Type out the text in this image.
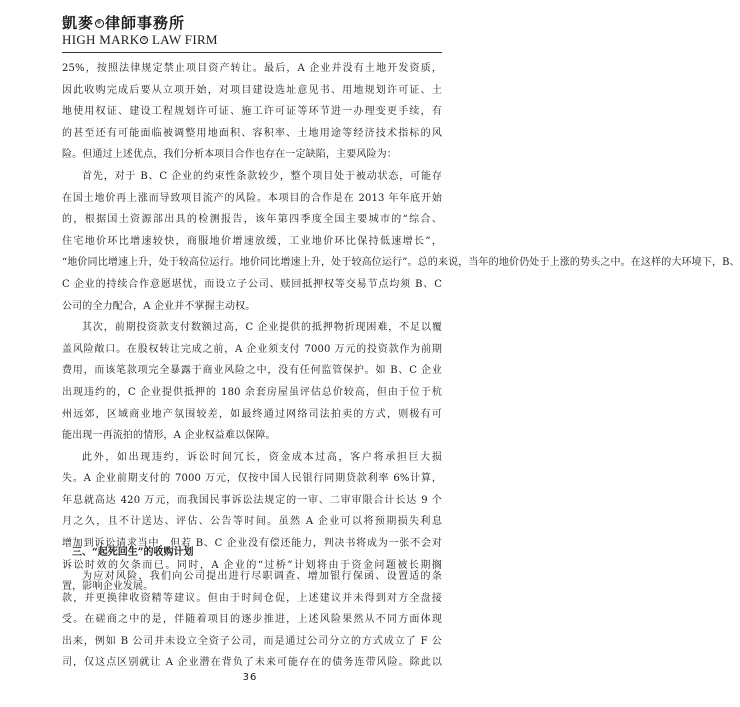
凱麥 ® 律師事務所
HIGH MARK ®
LAW FIRM
25%，按照法律规定禁止项目资产转让。最后，A 企业并没有土地开发资质，
因此收购完成后要从立项开始，对项目建设选址意见书、用地规划许可证、土
地使用权证、建设工程规划许可证、施工许可证等环节进一办理变更手续，有
的甚至还有可能面临被调整用地面积、容积率、土地用途等经济技术指标的风
险。但通过上述优点，我们分析本项目合作也存在一定缺陷，主要风险为：
首先，对于 B、C 企业的约束性条款较少，整个项目处于被动状态，可能存
在国土地价再上涨而导致项目流产的风险。本项目的合作是在 2013 年年底开始
的，根据国土资源部出具的检测报告，该年第四季度全国主要城市的“综合、
住宅地价环比增速较快，商服地价增速放缓，工业地价环比保持低速增长”，
“地价同比增速上升，处于较高位运行。地价同比增速上升，处于较高位运行”。总的来说，当年的地价仍处于上涨的势头之中。在这样的大环境下，B、
C 企业的持续合作意愿堪忧，而设立子公司、赎回抵押权等交易节点均须 B、C
公司的全力配合，A 企业并不掌握主动权。
其次，前期投资款支付数额过高，C 企业提供的抵押物折现困难，不足以覆
盖风险敞口。在股权转让完成之前，A 企业须支付 7000 万元的投资款作为前期
费用，而该笔款项完全暴露于商业风险之中，没有任何监管保护。如 B、C 企业
出现违约的，C 企业提供抵押的 180 余套房屋虽评估总价较高，但由于位于杭
州远郊，区域商业地产氛围较差，如最终通过网络司法拍卖的方式，则极有可
能出现一再流拍的情形，A 企业权益难以保障。
此外，如出现违约，诉讼时间冗长，资金成本过高，客户将承担巨大损
失。A 企业前期支付的 7000 万元，仅按中国人民银行同期贷款利率 6%计算，
年息就高达 420 万元，而我国民事诉讼法规定的一审、二审审限合计长达 9 个
月之久，且不计送达、评估、公告等时间。虽然 A 企业可以将预期损失利息
增加到诉讼请求当中，但若 B、C 企业没有偿还能力，判决书将成为一张不会对
诉讼时效的欠条而已。同时，A 企业的“过桥”计划将由于资金问题被长期搁
置，影响企业发展。
三、“起死回生”的收购计划
为应对风险，我们向公司提出进行尽职调查、增加银行保函、设置适的条
款，并更换律收资精等建议。但由于时间仓促，上述建议并未得到对方全盘接
受。在磋商之中的是，伴随着项目的逐步推进，上述风险果然从不同方面体现
出来，例如 B 公司并未设立全资子公司，而是通过公司分立的方式成立了 F 公
司，仅这点区别就让 A 企业潜在背负了未来可能存在的债务连带风险。除此以
36
